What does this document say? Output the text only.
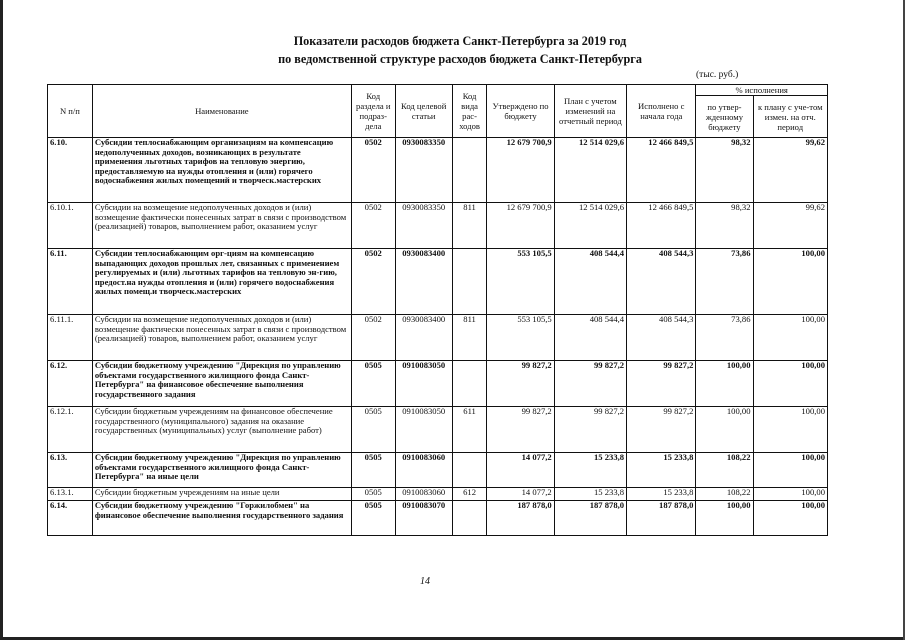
Показатели расходов бюджета Санкт-Петербурга за 2019 год
по ведомственной структуре расходов бюджета Санкт-Петербурга
(тыс. руб.)
N п/п	Наименование	Код раздела и подраз-дела	Код целевой статьи	Код вида рас-ходов	Утверждено по бюджету	План с учетом изменений на отчетный период	Исполнено с начала года	% исполнения	
								по утвер-жденному бюджету	к плану с уче-том измен. на отч. период
6.10.	Субсидии теплоснабжающим организациям на компенсацию недополученных доходов, возникающих в результате применения льготных тарифов на тепловую энергию, предоставляемую на нужды отопления и (или) горячего водоснабжения жилых помещений и творческ.мастерских	0502	0930083350		12 679 700,9	12 514 029,6	12 466 849,5	98,32	99,62
6.10.1.	Субсидии на возмещение недополученных доходов и (или) возмещение фактически понесенных затрат в связи с производством (реализацией) товаров, выполнением работ, оказанием услуг	0502	0930083350	811	12 679 700,9	12 514 029,6	12 466 849,5	98,32	99,62
6.11.	Субсидии теплоснабжающим орг-циям на компенсацию выпадающих доходов прошлых лет, связанных с применением регулируемых и (или) льготных тарифов на тепловую эн-гию, предост.на нужды отопления и (или) горячего водоснабжения жилых помещ.и творческ.мастерских	0502	0930083400		553 105,5	408 544,4	408 544,3	73,86	100,00
6.11.1.	Субсидии на возмещение недополученных доходов и (или) возмещение фактически понесенных затрат в связи с производством (реализацией) товаров, выполнением работ, оказанием услуг	0502	0930083400	811	553 105,5	408 544,4	408 544,3	73,86	100,00
6.12.	Субсидии бюджетному учреждению "Дирекция по управлению объектами государственного жилищного фонда Санкт-Петербурга" на финансовое обеспечение выполнения государственного задания	0505	0910083050		99 827,2	99 827,2	99 827,2	100,00	100,00
6.12.1.	Субсидии бюджетным учреждениям на финансовое обеспечение государственного (муниципального) задания на оказание государственных (муниципальных) услуг (выполнение работ)	0505	0910083050	611	99 827,2	99 827,2	99 827,2	100,00	100,00
6.13.	Субсидии бюджетному учреждению "Дирекция по управлению объектами государственного жилищного фонда Санкт-Петербурга" на иные цели	0505	0910083060		14 077,2	15 233,8	15 233,8	108,22	100,00
6.13.1.	Субсидии бюджетным учреждениям на иные цели	0505	0910083060	612	14 077,2	15 233,8	15 233,8	108,22	100,00
6.14.	Субсидии бюджетному учреждению "Горжилобмен" на финансовое обеспечение выполнения государственного задания	0505	0910083070		187 878,0	187 878,0	187 878,0	100,00	100,00
14
